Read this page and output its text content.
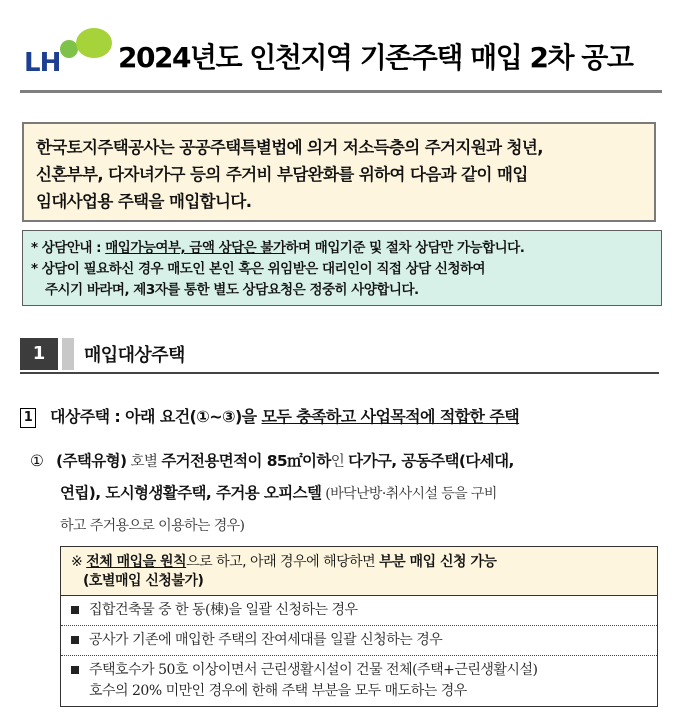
LH 2024년도 인천지역 기존주택 매입 2차 공고

한국토지주택공사는 공공주택특별법에 의거 저소득층의 주거지원과 청년,

신혼부부, 다자녀가구 등의 주거비 부담완화를 위하여 다음과 같이 매입

임대사업용 주택을 매입합니다.

* 상담안내 : 매입가능여부, 금액 상담은 불가하며 매입기준 및 절차 상담만 가능합니다.

* 상담이 필요하신 경우 매도인 본인 혹은 위임받은 대리인이 직접 상담 신청하여

주시기 바라며, 제3자를 통한 별도 상담요청은 정중히 사양합니다.

1	매입대상주택
1 대상주택 : 아래 요건(①~③)을 모두 충족하고 사업목적에 적합한 주택
① (주택유형) 호별 주거전용면적이 85㎡이하인 다가구, 공동주택(다세대,
연립), 도시형생활주택, 주거용 오피스텔 (바닥난방·취사시설 등을 구비
하고 주거용으로 이용하는 경우)
※ 전체 매입을 원칙으로 하고, 아래 경우에 해당하면 부분 매입 신청 가능
(호별매입 신청불가)
집합건축물 중 한 동(棟)을 일괄 신청하는 경우
공사가 기존에 매입한 주택의 잔여세대를 일괄 신청하는 경우
주택호수가 50호 이상이면서 근린생활시설이 건물 전체(주택+근린생활시설)
호수의 20% 미만인 경우에 한해 주택 부분을 모두 매도하는 경우
